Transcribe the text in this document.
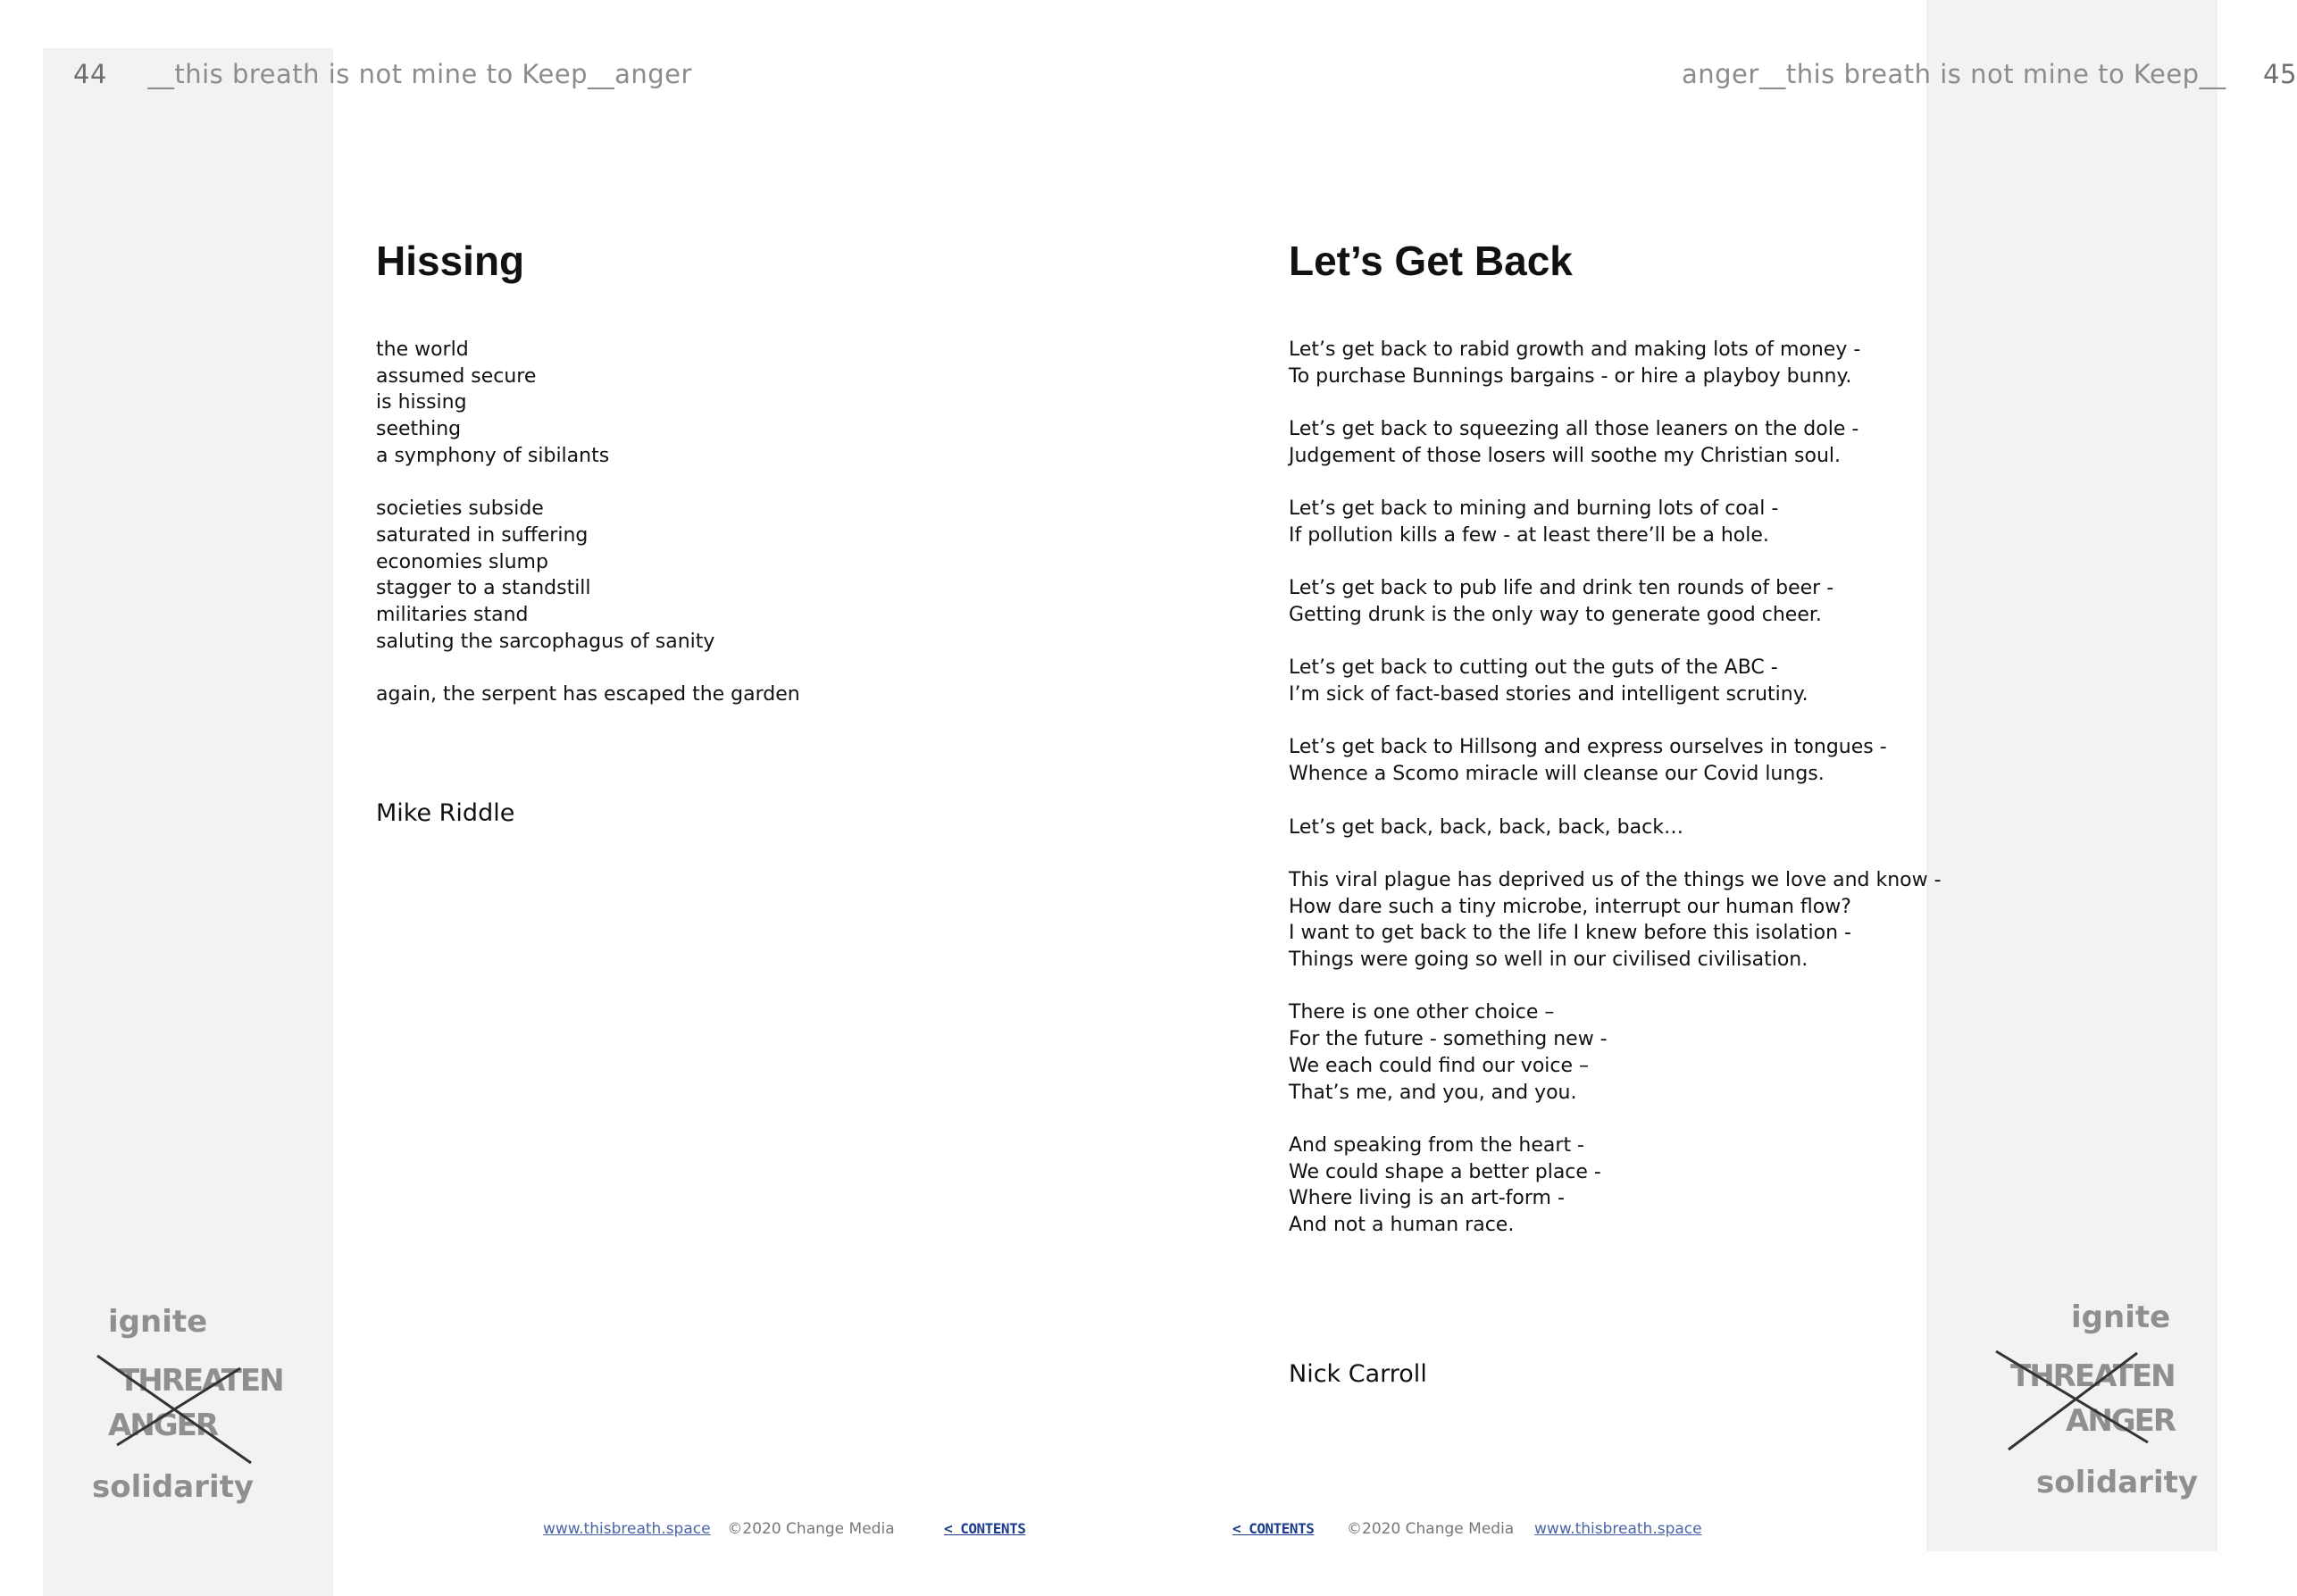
44 __this breath is not mine to Keep__anger
Hissing
the world
assumed secure
is hissing
seething
a symphony of sibilants
societies subside
saturated in suffering
economies slump
stagger to a standstill
militaries stand
saluting the sarcophagus of sanity
again, the serpent has escaped the garden
Mike Riddle
ignite
THREATEN
ANGER
solidarity
www.thisbreath.space ©2020 Change Media	< CONTENTS
anger__this breath is not mine to Keep__ 45
Let’s Get Back
Let’s get back to rabid growth and making lots of money -
To purchase Bunnings bargains - or hire a playboy bunny.
Let’s get back to squeezing all those leaners on the dole -
Judgement of those losers will soothe my Christian soul.
Let’s get back to mining and burning lots of coal -
If pollution kills a few - at least there’ll be a hole.
Let’s get back to pub life and drink ten rounds of beer -
Getting drunk is the only way to generate good cheer.
Let’s get back to cutting out the guts of the ABC -
I’m sick of fact-based stories and intelligent scrutiny.
Let’s get back to Hillsong and express ourselves in tongues -
Whence a Scomo miracle will cleanse our Covid lungs.
Let’s get back, back, back, back, back…
This viral plague has deprived us of the things we love and know -
How dare such a tiny microbe, interrupt our human flow?
I want to get back to the life I knew before this isolation -
Things were going so well in our civilised civilisation.
There is one other choice –
For the future - something new -
We each could find our voice –
That’s me, and you, and you.
And speaking from the heart -
We could shape a better place -
Where living is an art-form -
And not a human race.
Nick Carroll
ignite
THREATEN
ANGER
solidarity
< CONTENTS ©2020 Change Media www.thisbreath.space
